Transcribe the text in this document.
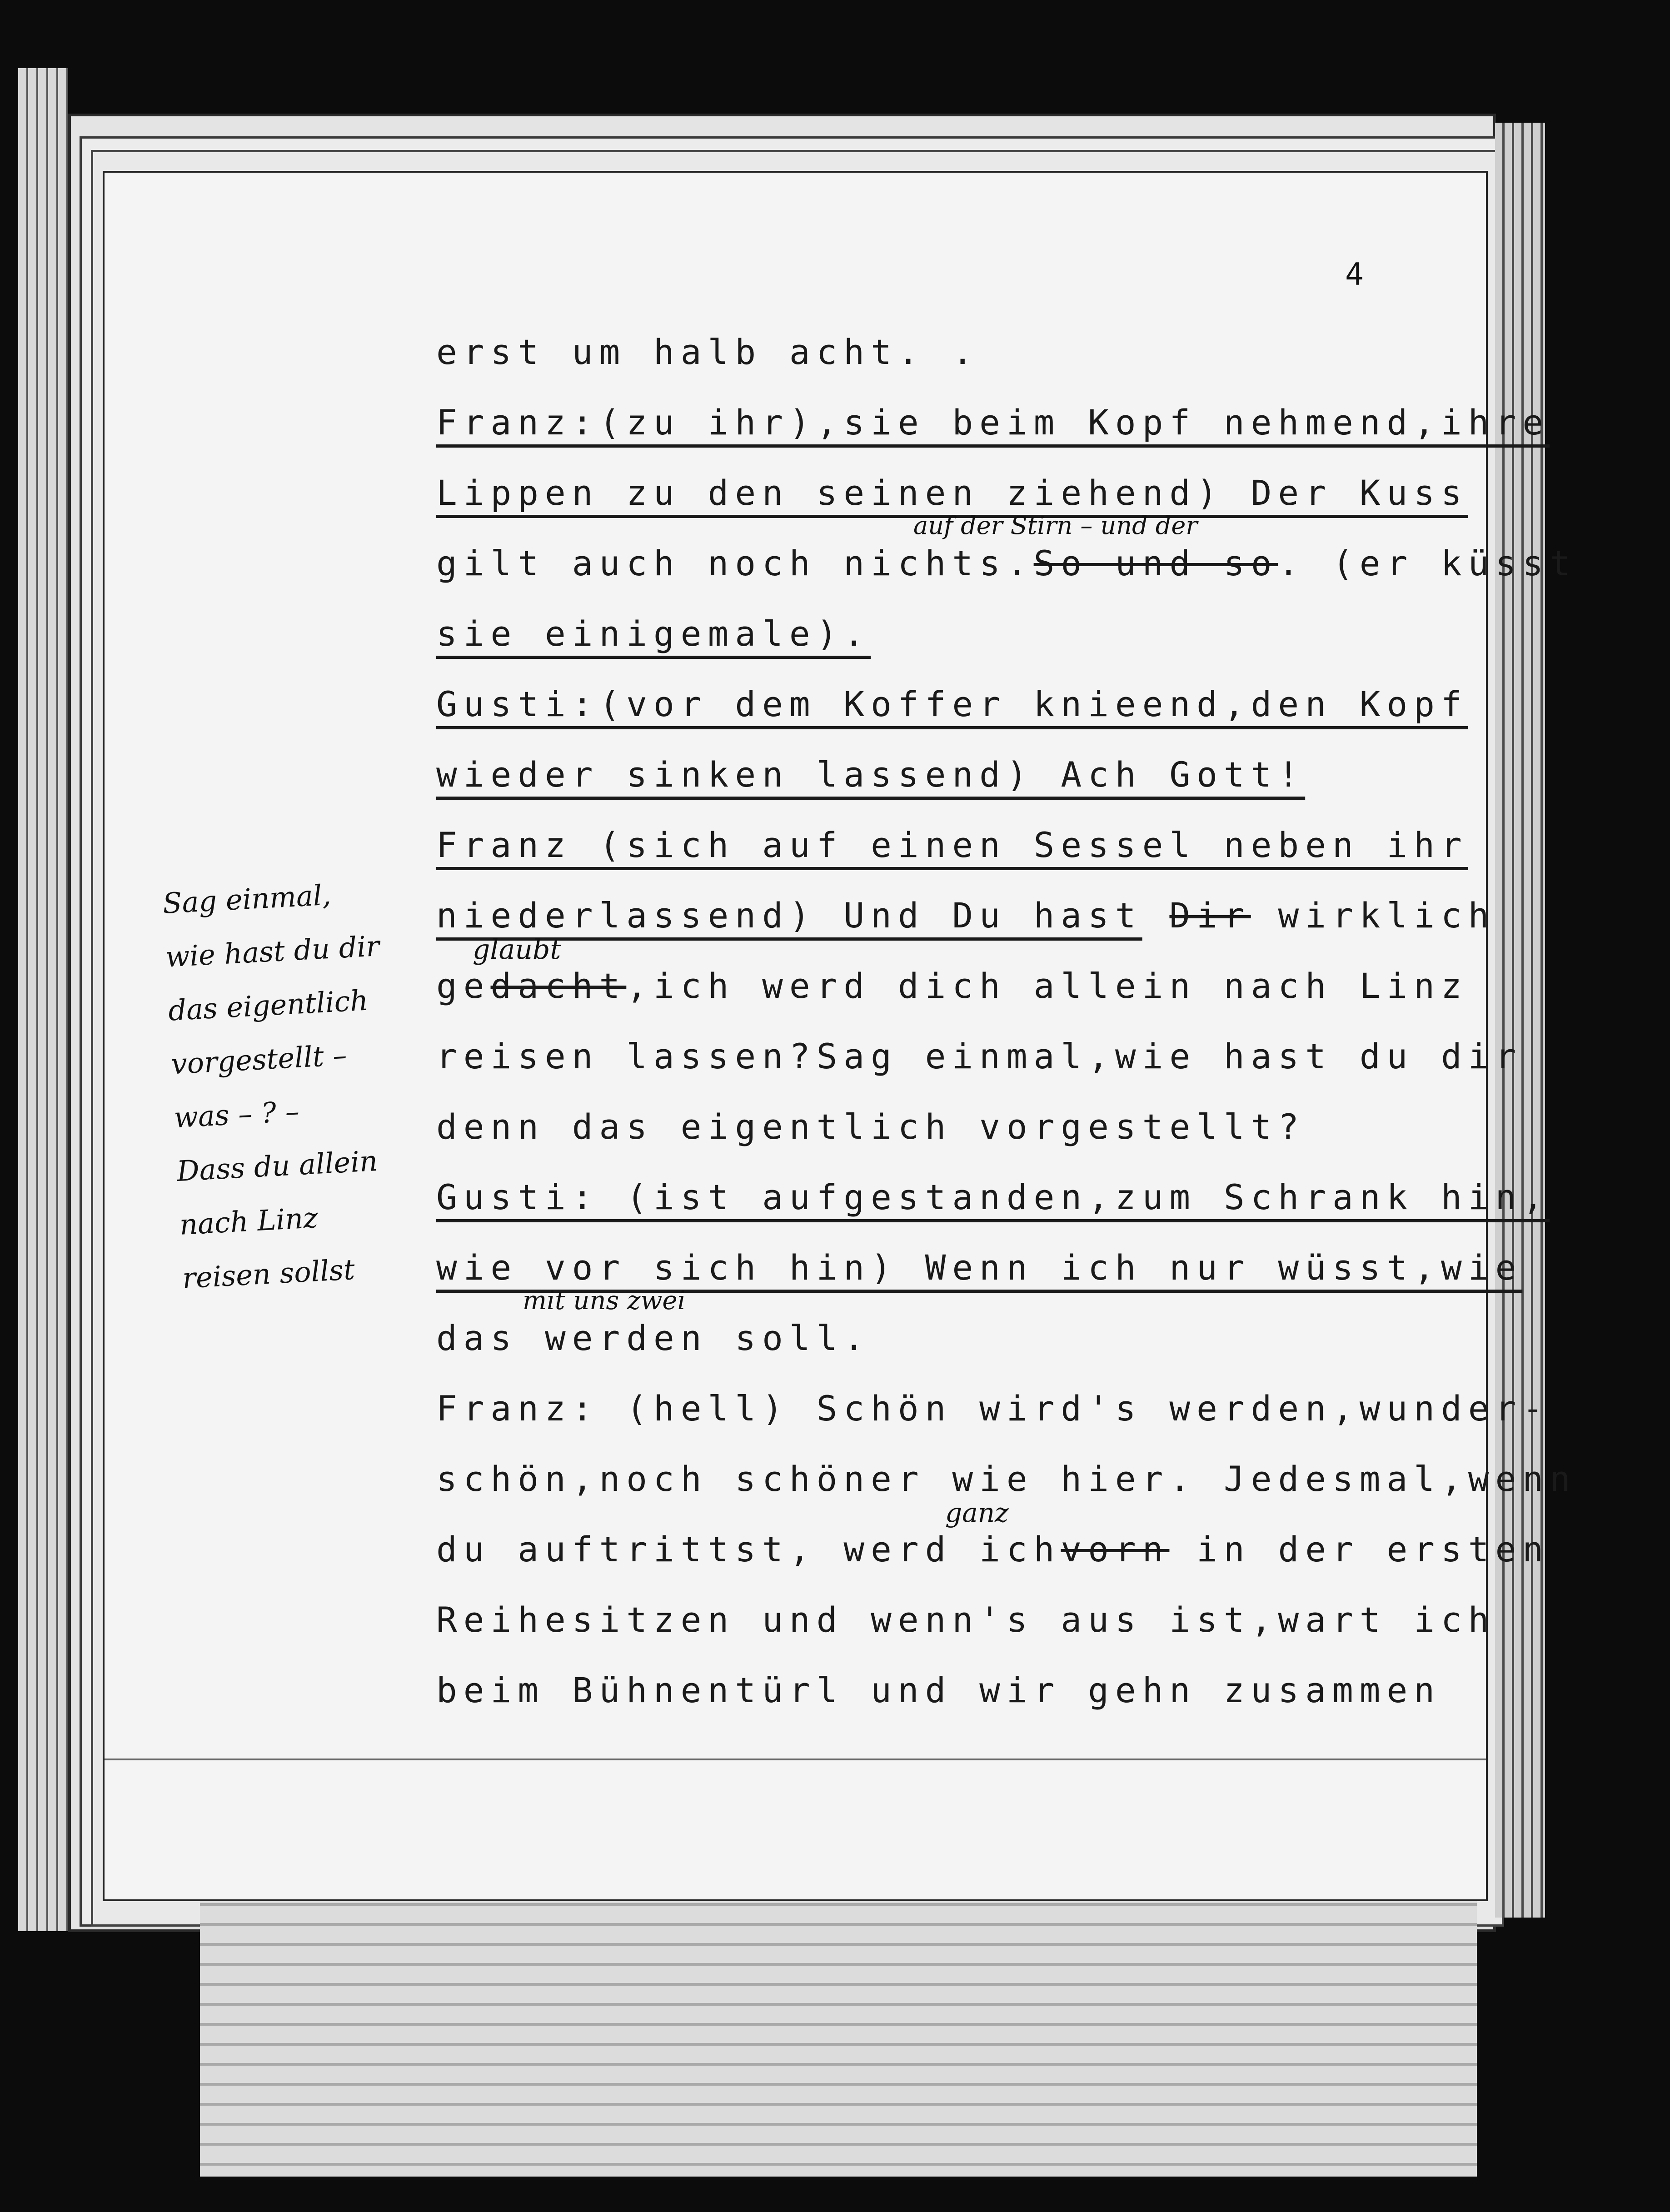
4
erst um halb acht. .
Franz:(zu ihr),sie beim Kopf nehmend,ihre
Lippen zu den seinen ziehend) Der Kuss
gilt auch noch nichts.So und so. (er küsst
auf der Stirn – und der
sie einigemale).
Gusti:(vor dem Koffer knieend,den Kopf
wieder sinken lassend) Ach Gott!
Franz (sich auf einen Sessel neben ihr
niederlassend) Und Du hast Dir wirklich
gedacht,ich werd dich allein nach Linz
glaubt
reisen lassen?Sag einmal,wie hast du dir
denn das eigentlich vorgestellt?
Gusti: (ist aufgestanden,zum Schrank hin,
wie vor sich hin) Wenn ich nur wüsst,wie
das werden soll.
mit uns zwei
Franz: (hell) Schön wird's werden,wunder-
schön,noch schöner wie hier. Jedesmal,wenn
du auftrittst, werd ichvorn in der ersten
ganz
Reihesitzen und wenn's aus ist,wart ich
beim Bühnentürl und wir gehn zusammen
Sag einmal,
wie hast du dir
das eigentlich
vorgestellt –
was – ? –
Dass du allein
nach Linz
reisen sollst
